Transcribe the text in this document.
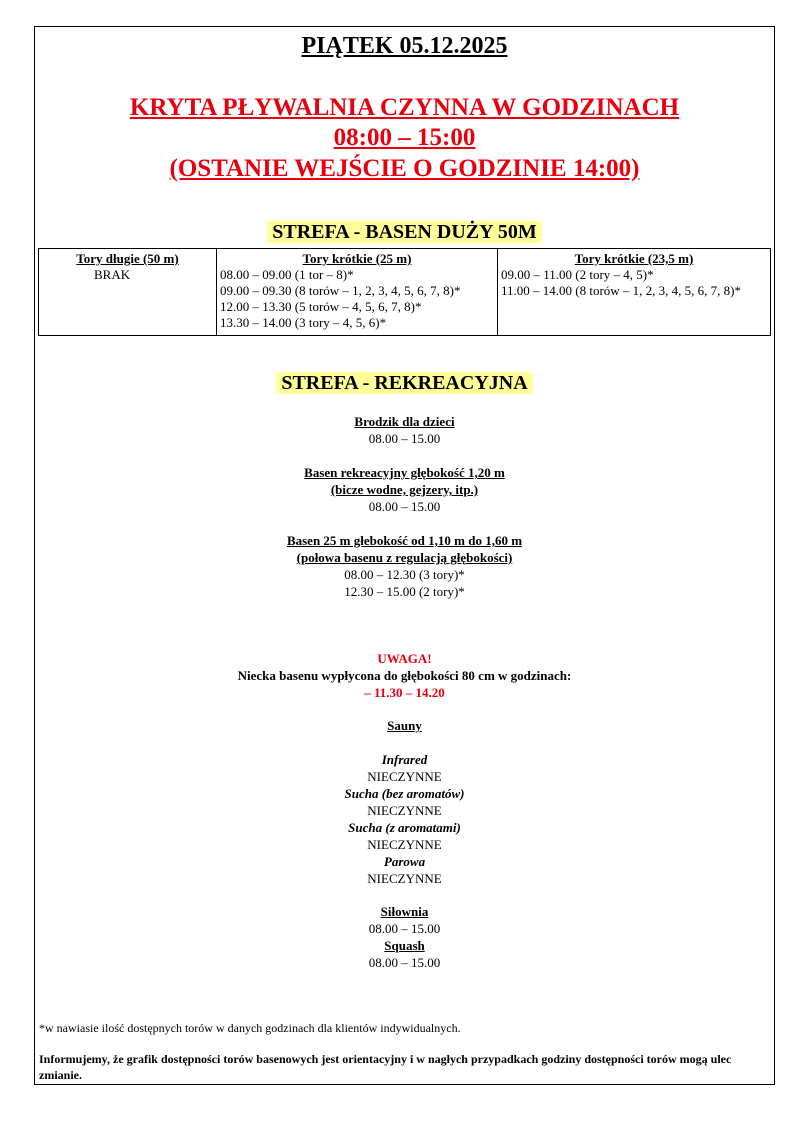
PIĄTEK 05.12.2025
KRYTA PŁYWALNIA CZYNNA W GODZINACH
08:00 – 15:00
(OSTANIE WEJŚCIE O GODZINIE 14:00)
STREFA - BASEN DUŻY 50M
Tory długie (50 m)
BRAK

Tory krótkie (25 m)
08.00 – 09.00 (1 tor – 8)*
09.00 – 09.30 (8 torów – 1, 2, 3, 4, 5, 6, 7, 8)*
12.00 – 13.30 (5 torów – 4, 5, 6, 7, 8)*
13.30 – 14.00 (3 tory – 4, 5, 6)*

Tory krótkie (23,5 m)
09.00 – 11.00 (2 tory – 4, 5)*
11.00 – 14.00 (8 torów – 1, 2, 3, 4, 5, 6, 7, 8)*
STREFA - REKREACYJNA
Brodzik dla dzieci
08.00 – 15.00
Basen rekreacyjny głębokość 1,20 m
(bicze wodne, gejzery, itp.)
08.00 – 15.00
Basen 25 m głebokość od 1,10 m do 1,60 m
(połowa basenu z regulacją głębokości)
08.00 – 12.30 (3 tory)*
12.30 – 15.00 (2 tory)*
UWAGA!
Niecka basenu wypłycona do głębokości 80 cm w godzinach:
– 11.30 – 14.20
Sauny
Infrared
NIECZYNNE
Sucha (bez aromatów)
NIECZYNNE
Sucha (z aromatami)
NIECZYNNE
Parowa
NIECZYNNE
Siłownia
08.00 – 15.00
Squash
08.00 – 15.00
*w nawiasie ilość dostępnych torów w danych godzinach dla klientów indywidualnych.
Informujemy, że grafik dostępności torów basenowych jest orientacyjny i w nagłych przypadkach godziny dostępności torów mogą ulec zmianie.
